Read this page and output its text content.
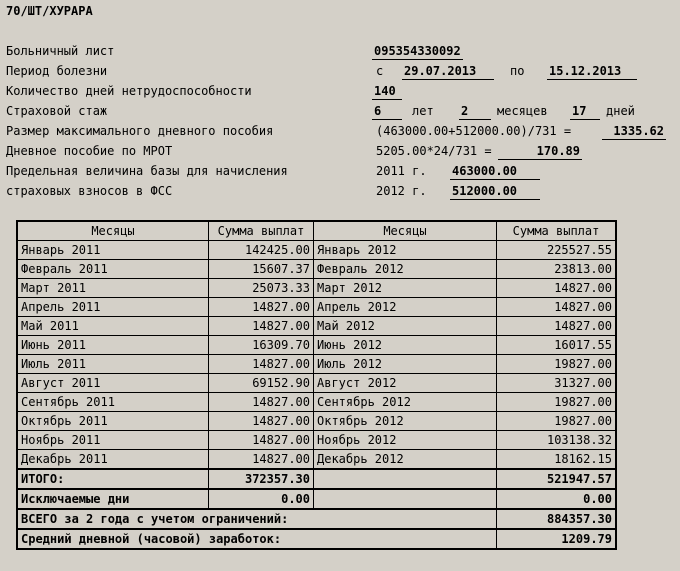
70/ШТ/ХУРАРА
Больничный лист	095354330092
Период болезни	с 29.07.2013	по 15.12.2013
Количество дней нетрудоспособности	140
Страховой стаж	6	лет 2	месяцев 17	дней
Размер максимального дневного пособия	(463000.00+512000.00)/731 =	1335.62
Дневное пособие по МРОТ	5205.00*24/731 =	170.89
Предельная величина базы для начисления	2011 г. 463000.00
страховых взносов в ФСС	2012 г. 512000.00
Месяцы	Сумма выплат	Месяцы	Сумма выплат
Январь 2011	142425.00	Январь 2012	225527.55
Февраль 2011	15607.37	Февраль 2012	23813.00
Март 2011	25073.33	Март 2012	14827.00
Апрель 2011	14827.00	Апрель 2012	14827.00
Май 2011	14827.00	Май 2012	14827.00
Июнь 2011	16309.70	Июнь 2012	16017.55
Июль 2011	14827.00	Июль 2012	19827.00
Август 2011	69152.90	Август 2012	31327.00
Сентябрь 2011	14827.00	Сентябрь 2012	19827.00
Октябрь 2011	14827.00	Октябрь 2012	19827.00
Ноябрь 2011	14827.00	Ноябрь 2012	103138.32
Декабрь 2011	14827.00	Декабрь 2012	18162.15
ИТОГО:	372357.30		521947.57
Исключаемые дни	0.00		0.00
ВСЕГО за 2 года с учетом ограничений:			884357.30
Средний дневной (часовой) заработок:			1209.79
